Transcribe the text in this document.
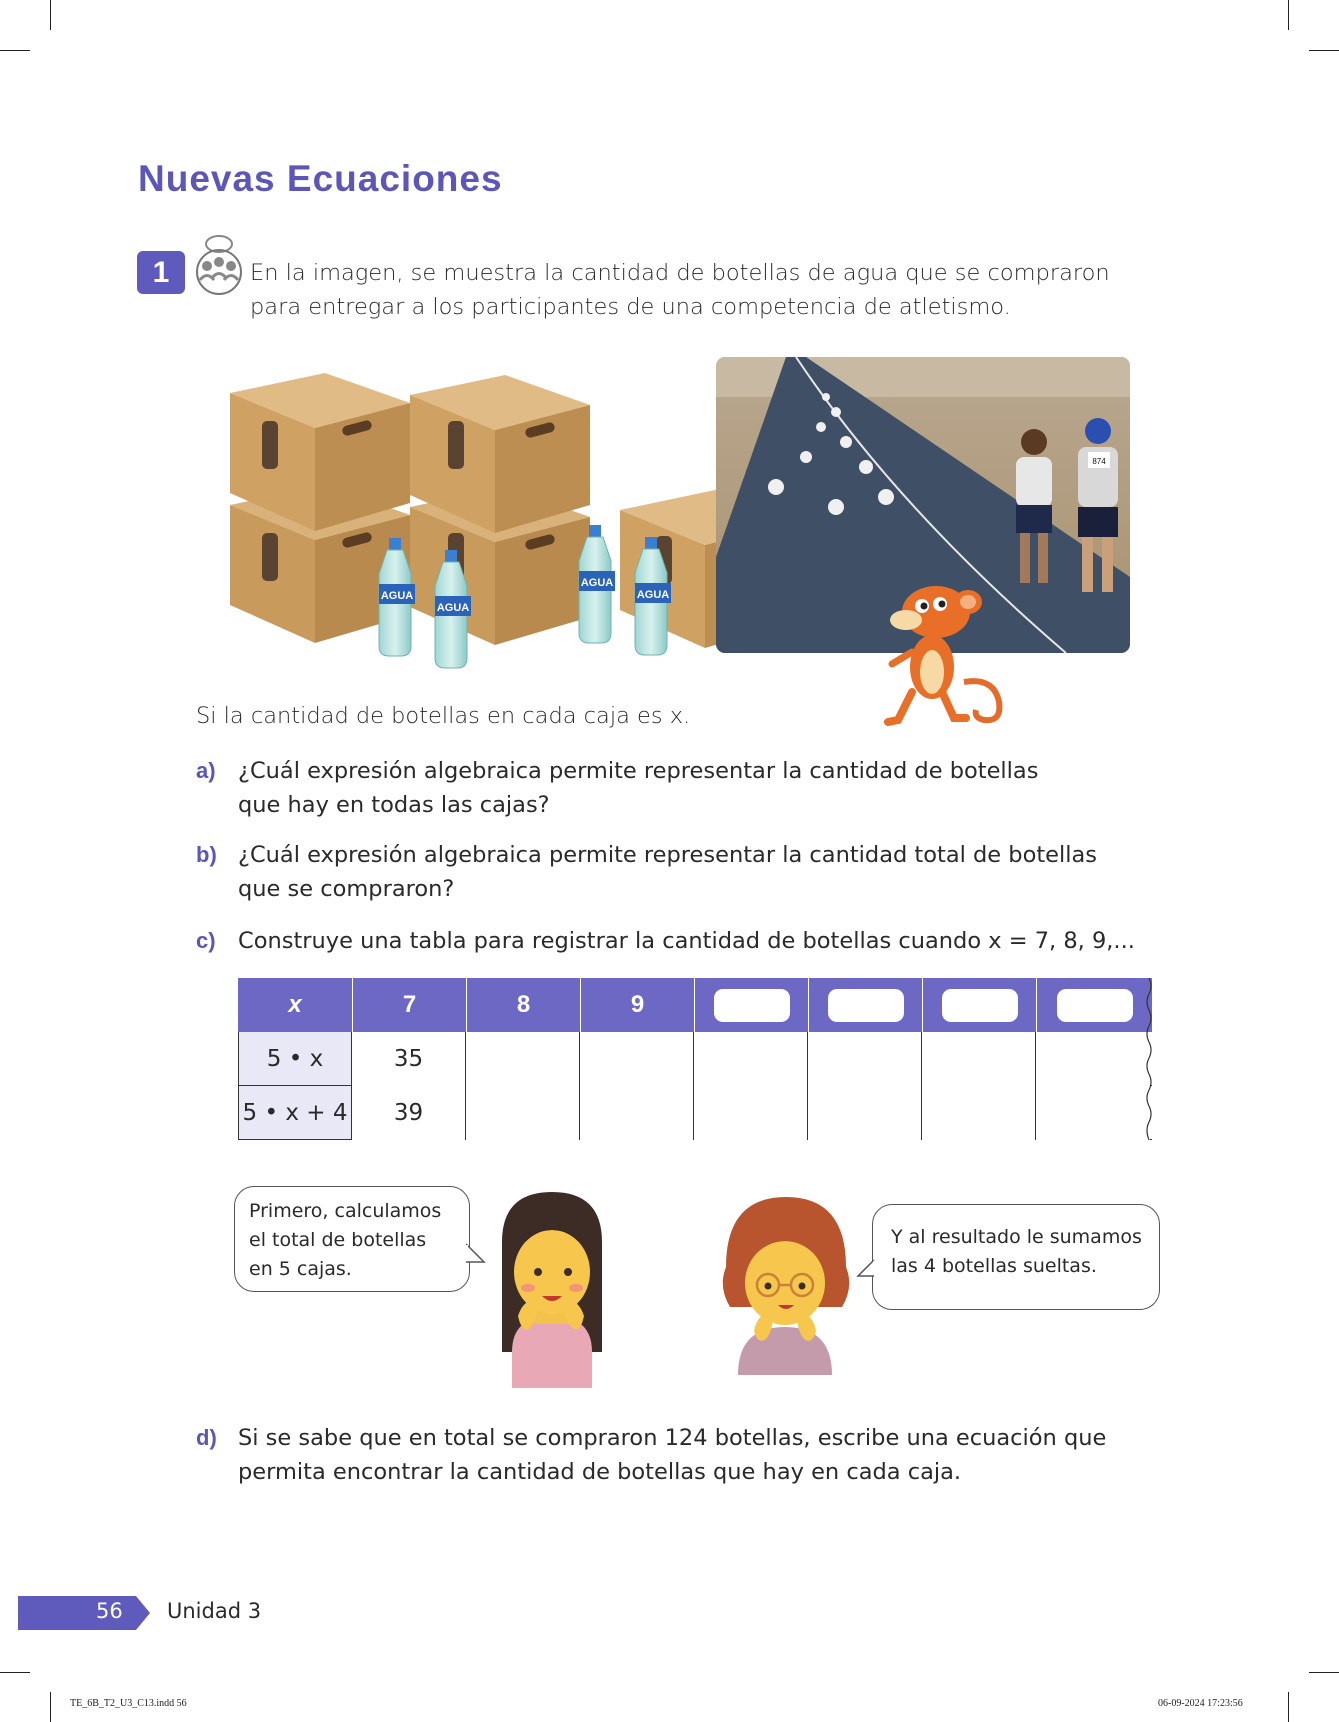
Nuevas Ecuaciones
1	En la imagen, se muestra la cantidad de botellas de agua que se compraron
para entregar a los participantes de una competencia de atletismo.
AGUA
AGUA
AGUA
AGUA
874
Si la cantidad de botellas en cada caja es x.
a) ¿Cuál expresión algebraica permite representar la cantidad de botellas
que hay en todas las cajas?
b) ¿Cuál expresión algebraica permite representar la cantidad total de botellas
que se compraron?
c) Construye una tabla para registrar la cantidad de botellas cuando x = 7, 8, 9,...
x	7	8	9
5 • x	35
5 • x + 4	39
Primero, calculamos
el total de botellas
en 5 cajas.
Y al resultado le sumamos
las 4 botellas sueltas.
d) Si se sabe que en total se compraron 124 botellas, escribe una ecuación que
permita encontrar la cantidad de botellas que hay en cada caja.
56 Unidad 3
TE_6B_T2_U3_C13.indd 56	06-09-2024 17:23:56
